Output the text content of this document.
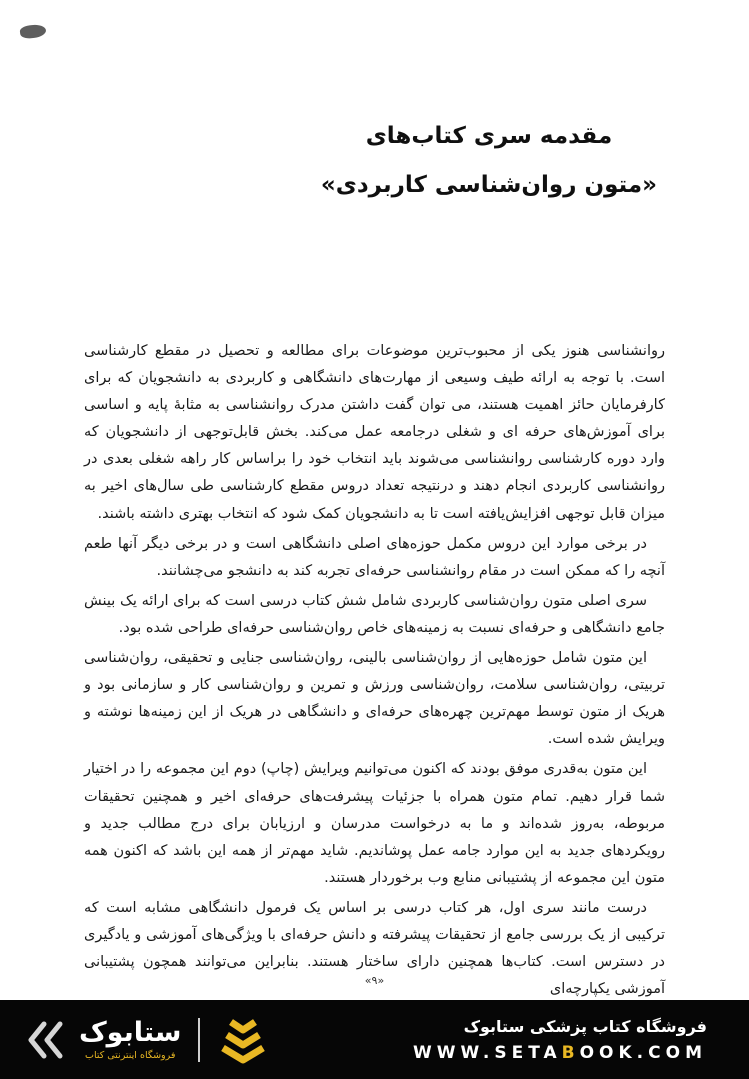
مقدمه سری کتاب‌های
«متون روان‌شناسی کاربردی»

روانشناسی هنوز یکی از محبوب‌ترین موضوعات برای مطالعه و تحصیل در مقطع کارشناسی است. با توجه به ارائه طیف وسیعی از مهارت‌های دانشگاهی و کاربردی به دانشجویان که برای کارفرمایان حائز اهمیت هستند، می توان گفت داشتن مدرک روانشناسی به مثابهٔ پایه و اساسی برای آموزش‌های حرفه ای و شغلی درجامعه عمل می‌کند. بخش قابل‌توجهی از دانشجویان که وارد دوره کارشناسی روانشناسی می‌شوند باید انتخاب خود را براساس کار راهه شغلی بعدی در روانشناسی کاربردی انجام دهند و درنتیجه تعداد دروس مقطع کارشناسی طی سال‌های اخیر به میزان قابل توجهی افزایش‌یافته است تا به دانشجویان کمک شود که انتخاب بهتری داشته باشند.

در برخی موارد این دروس مکمل حوزه‌های اصلی دانشگاهی است و در برخی دیگر آنها طعم آنچه را که ممکن است در مقام روانشناسی حرفه‌ای تجربه کند به دانشجو می‌چشانند.

سری اصلی متون روان‌شناسی کاربردی شامل شش کتاب درسی است که برای ارائه یک بینش جامع دانشگاهی و حرفه‌ای نسبت به زمینه‌های خاص روان‌شناسی حرفه‌ای طراحی شده بود.

این متون شامل حوزه‌هایی از روان‌شناسی بالینی، روان‌شناسی جنایی و تحقیقی، روان‌شناسی تربیتی، روان‌شناسی سلامت، روان‌شناسی ورزش و تمرین و روان‌شناسی کار و سازمانی بود و هریک از متون توسط مهم‌ترین چهره‌های حرفه‌ای و دانشگاهی در هریک از این زمینه‌ها نوشته و ویرایش شده است.

این متون به‌قدری موفق بودند که اکنون می‌توانیم ویرایش (چاپ) دوم این مجموعه را در اختیار شما قرار دهیم. تمام متون همراه با جزئیات پیشرفت‌های حرفه‌ای اخیر و همچنین تحقیقات مربوطه، به‌روز شده‌اند و ما به درخواست مدرسان و ارزیابان برای درج مطالب جدید و رویکردهای جدید به این موارد جامه عمل پوشاندیم. شاید مهم‌تر از همه این باشد که اکنون همه متون این مجموعه از پشتیبانی منابع وب برخوردار هستند.

درست مانند سری اول، هر کتاب درسی بر اساس یک فرمول دانشگاهی مشابه است که ترکیبی از یک بررسی جامع از تحقیقات پیشرفته و دانش حرفه‌ای با ویژگی‌های آموزشی و یادگیری در دسترس است. کتاب‌ها همچنین دارای ساختار هستند. بنابراین می‌توانند همچون پشتیبانی آموزشی یکپارچه‌ای

«۹»
ستابوک
فروشگاه اینترنتی کتاب
فروشگاه کتاب پزشکی ستابوک
WWW.SETABOOK.COM
